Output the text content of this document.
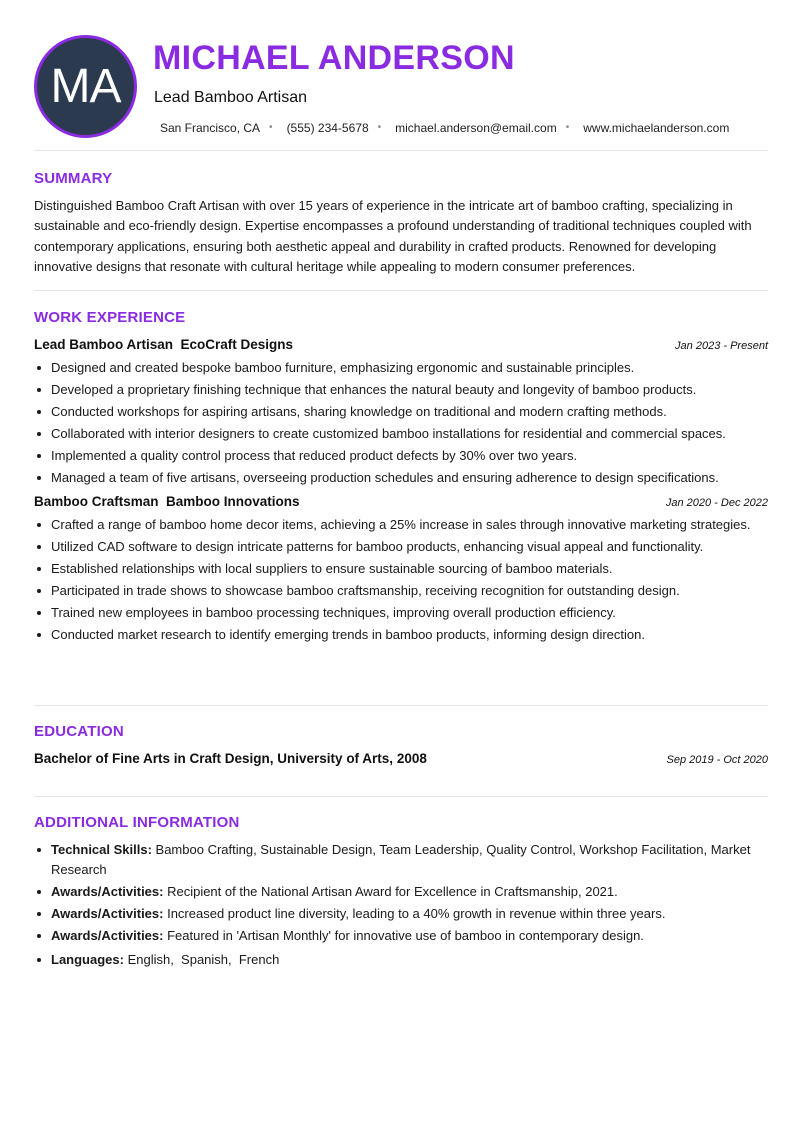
MA
MICHAEL ANDERSON
Lead Bamboo Artisan
San Francisco, CA • (555) 234-5678 • michael.anderson@email.com • www.michaelanderson.com
SUMMARY

Distinguished Bamboo Craft Artisan with over 15 years of experience in the intricate art of bamboo crafting, specializing in sustainable and eco-friendly design. Expertise encompasses a profound understanding of traditional techniques coupled with contemporary applications, ensuring both aesthetic appeal and durability in crafted products. Renowned for developing innovative designs that resonate with cultural heritage while appealing to modern consumer preferences.

WORK EXPERIENCE
Lead Bamboo Artisan  EcoCraft Designs	Jan 2023 - Present
Designed and created bespoke bamboo furniture, emphasizing ergonomic and sustainable principles.
Developed a proprietary finishing technique that enhances the natural beauty and longevity of bamboo products.
Conducted workshops for aspiring artisans, sharing knowledge on traditional and modern crafting methods.
Collaborated with interior designers to create customized bamboo installations for residential and commercial spaces.
Implemented a quality control process that reduced product defects by 30% over two years.
Managed a team of five artisans, overseeing production schedules and ensuring adherence to design specifications.
Bamboo Craftsman  Bamboo Innovations	Jan 2020 - Dec 2022
Crafted a range of bamboo home decor items, achieving a 25% increase in sales through innovative marketing strategies.
Utilized CAD software to design intricate patterns for bamboo products, enhancing visual appeal and functionality.
Established relationships with local suppliers to ensure sustainable sourcing of bamboo materials.
Participated in trade shows to showcase bamboo craftsmanship, receiving recognition for outstanding design.
Trained new employees in bamboo processing techniques, improving overall production efficiency.
Conducted market research to identify emerging trends in bamboo products, informing design direction.
EDUCATION
Bachelor of Fine Arts in Craft Design, University of Arts, 2008	Sep 2019 - Oct 2020
ADDITIONAL INFORMATION
Technical Skills: Bamboo Crafting, Sustainable Design, Team Leadership, Quality Control, Workshop Facilitation, Market Research
Awards/Activities: Recipient of the National Artisan Award for Excellence in Craftsmanship, 2021.
Awards/Activities: Increased product line diversity, leading to a 40% growth in revenue within three years.
Awards/Activities: Featured in 'Artisan Monthly' for innovative use of bamboo in contemporary design.
Languages: English,  Spanish,  French
